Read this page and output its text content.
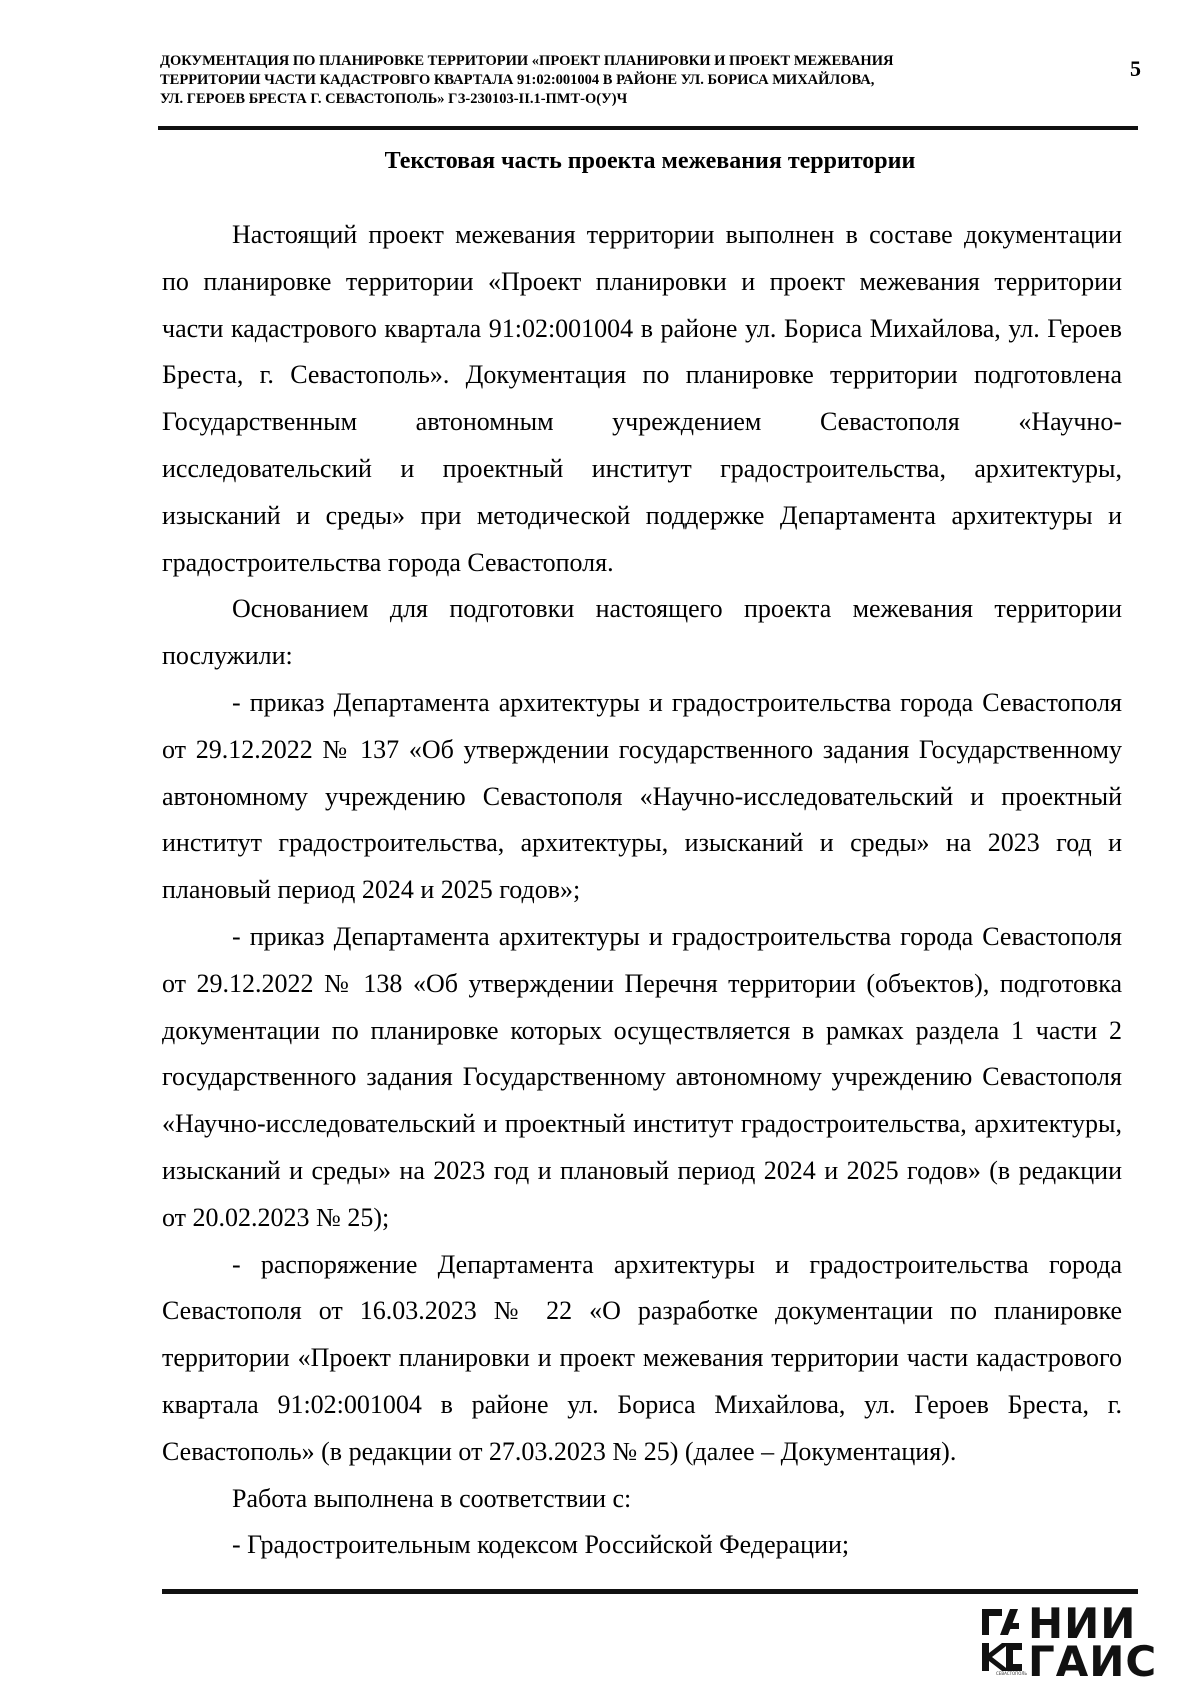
ДОКУМЕНТАЦИЯ ПО ПЛАНИРОВКЕ ТЕРРИТОРИИ «ПРОЕКТ ПЛАНИРОВКИ И ПРОЕКТ МЕЖЕВАНИЯ
ТЕРРИТОРИИ ЧАСТИ КАДАСТРОВГО КВАРТАЛА 91:02:001004 В РАЙОНЕ УЛ. БОРИСА МИХАЙЛОВА,
УЛ. ГЕРОЕВ БРЕСТА Г. СЕВАСТОПОЛЬ» ГЗ-230103-II.1-ПМТ-О(У)Ч
5
Текстовая часть проекта межевания территории

Настоящий проект межевания территории выполнен в составе документации по планировке территории «Проект планировки и проект межевания территории части кадастрового квартала 91:02:001004 в районе ул. Бориса Михайлова, ул. Героев Бреста, г. Севастополь». Документация по планировке территории подготовлена Государственным автономным учреждением Севастополя «Научно-исследовательский и проектный институт градостроительства, архитектуры, изысканий и среды» при методической поддержке Департамента архитектуры и градостроительства города Севастополя.

Основанием для подготовки настоящего проекта межевания территории послужили:

- приказ Департамента архитектуры и градостроительства города Севастополя от 29.12.2022 № 137 «Об утверждении государственного задания Государственному автономному учреждению Севастополя «Научно-исследовательский и проектный институт градостроительства, архитектуры, изысканий и среды» на 2023 год и плановый период 2024 и 2025 годов»;

- приказ Департамента архитектуры и градостроительства города Севастополя от 29.12.2022 № 138 «Об утверждении Перечня территории (объектов), подготовка документации по планировке которых осуществляется в рамках раздела 1 части 2 государственного задания Государственному автономному учреждению Севастополя «Научно-исследовательский и проектный институт градостроительства, архитектуры, изысканий и среды» на 2023 год и плановый период 2024 и 2025 годов» (в редакции от 20.02.2023 № 25);

- распоряжение Департамента архитектуры и градостроительства города Севастополя от 16.03.2023 № 22 «О разработке документации по планировке территории «Проект планировки и проект межевания территории части кадастрового квартала 91:02:001004 в районе ул. Бориса Михайлова, ул. Героев Бреста, г. Севастополь» (в редакции от 27.03.2023 № 25) (далее – Документация).

Работа выполнена в соответствии с:

- Градостроительным кодексом Российской Федерации;

НИИ
ГАИС
СЕВАСТОПОЛЬ
